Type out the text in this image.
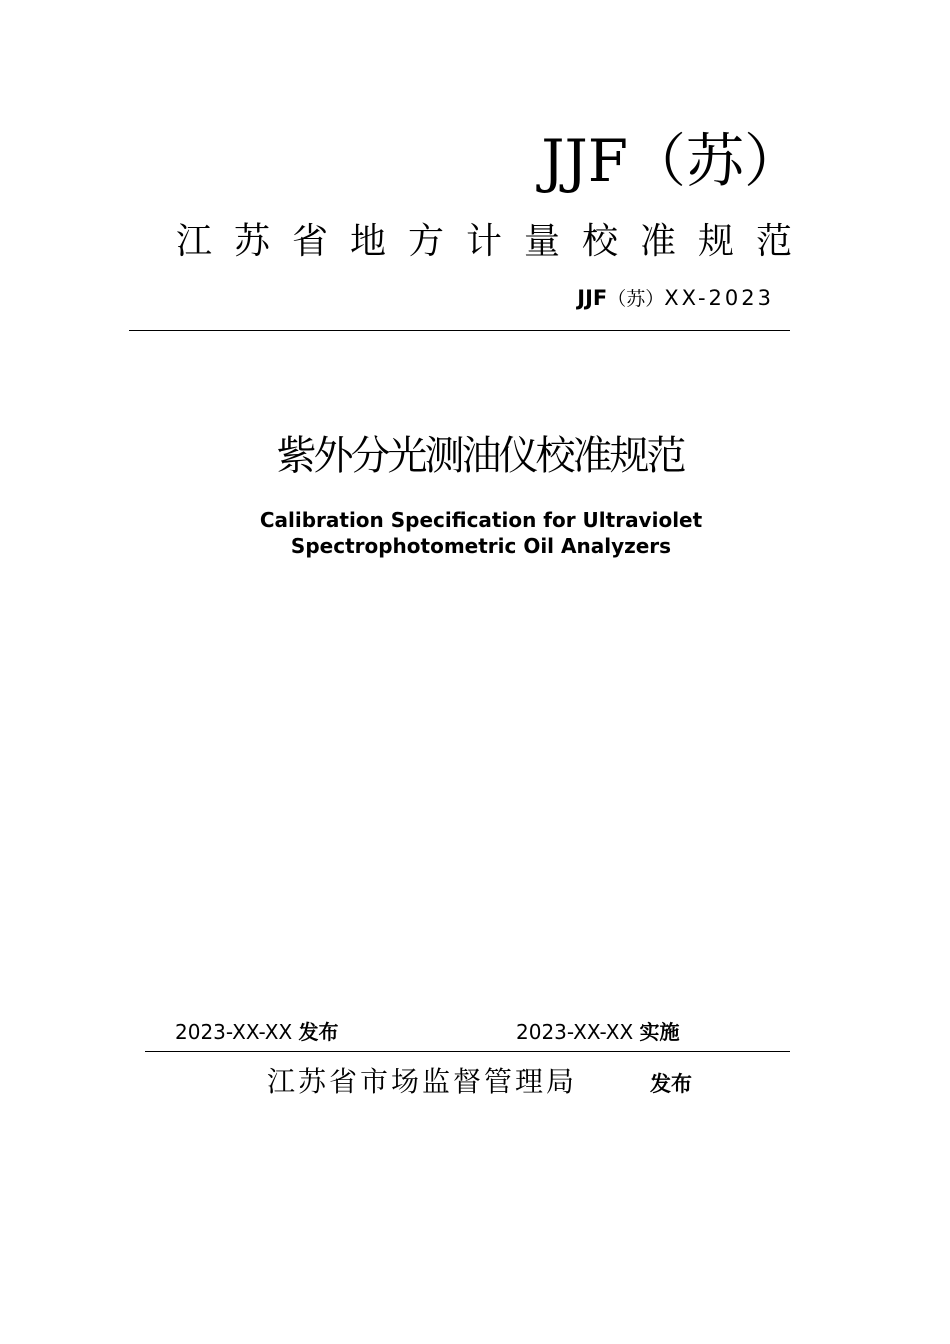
JJF（苏）
江苏省地方计量校准规范
JJF（苏）XX-2023
紫外分光测油仪校准规范
Calibration Specification for Ultraviolet
Spectrophotometric Oil Analyzers
2023-XX-XX 发布	2023-XX-XX 实施
江苏省市场监督管理局	发布
